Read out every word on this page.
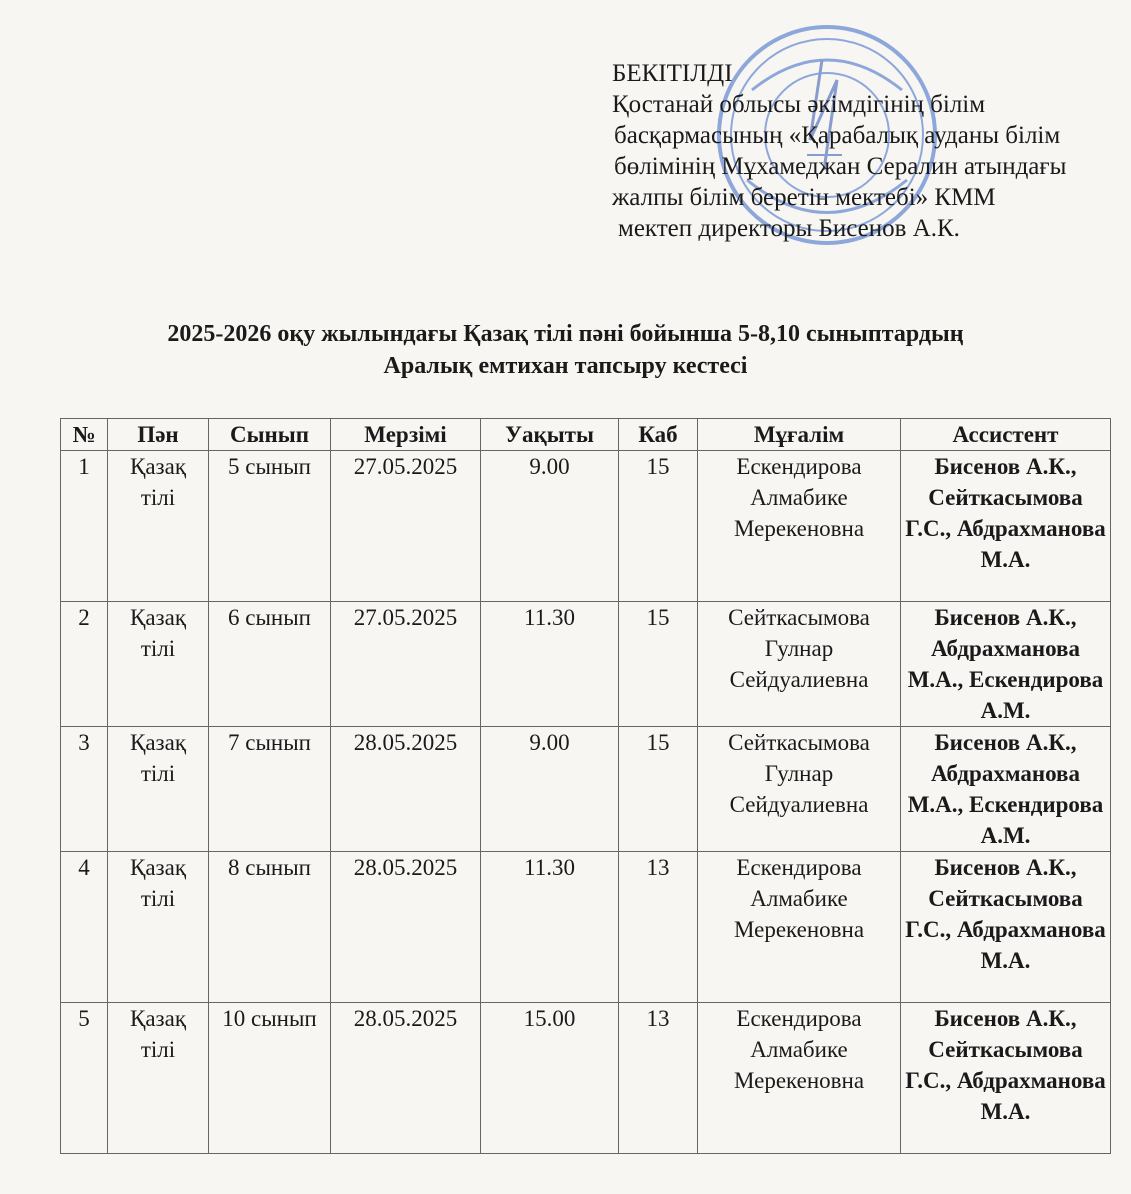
БЕКІТІЛДІ
Қостанай облысы әкімдігінің білім
басқармасының «Қарабалық ауданы білім
бөлімінің Мұхамеджан Сералин атындағы
жалпы білім беретін мектебі» КММ
мектеп директоры Бисенов А.К.
2025-2026 оқу жылындағы Қазақ тілі пәні бойынша 5-8,10 сыныптардың
Аралық емтихан тапсыру кестесі
№	Пән	Сынып	Мерзімі	Уақыты	Каб	Мұғалім	Ассистент
1	Қазақ тілі	5 сынып	27.05.2025	9.00	15	Ескендирова Алмабике Мерекеновна	Бисенов А.К., Сейткасымова Г.С., Абдрахманова М.А.
2	Қазақ тілі	6 сынып	27.05.2025	11.30	15	Сейткасымова Гулнар Сейдуалиевна	Бисенов А.К., Абдрахманова М.А., Ескендирова А.М.
3	Қазақ тілі	7 сынып	28.05.2025	9.00	15	Сейткасымова Гулнар Сейдуалиевна	Бисенов А.К., Абдрахманова М.А., Ескендирова А.М.
4	Қазақ тілі	8 сынып	28.05.2025	11.30	13	Ескендирова Алмабике Мерекеновна	Бисенов А.К., Сейткасымова Г.С., Абдрахманова М.А.
5	Қазақ тілі	10 сынып	28.05.2025	15.00	13	Ескендирова Алмабике Мерекеновна	Бисенов А.К., Сейткасымова Г.С., Абдрахманова М.А.
